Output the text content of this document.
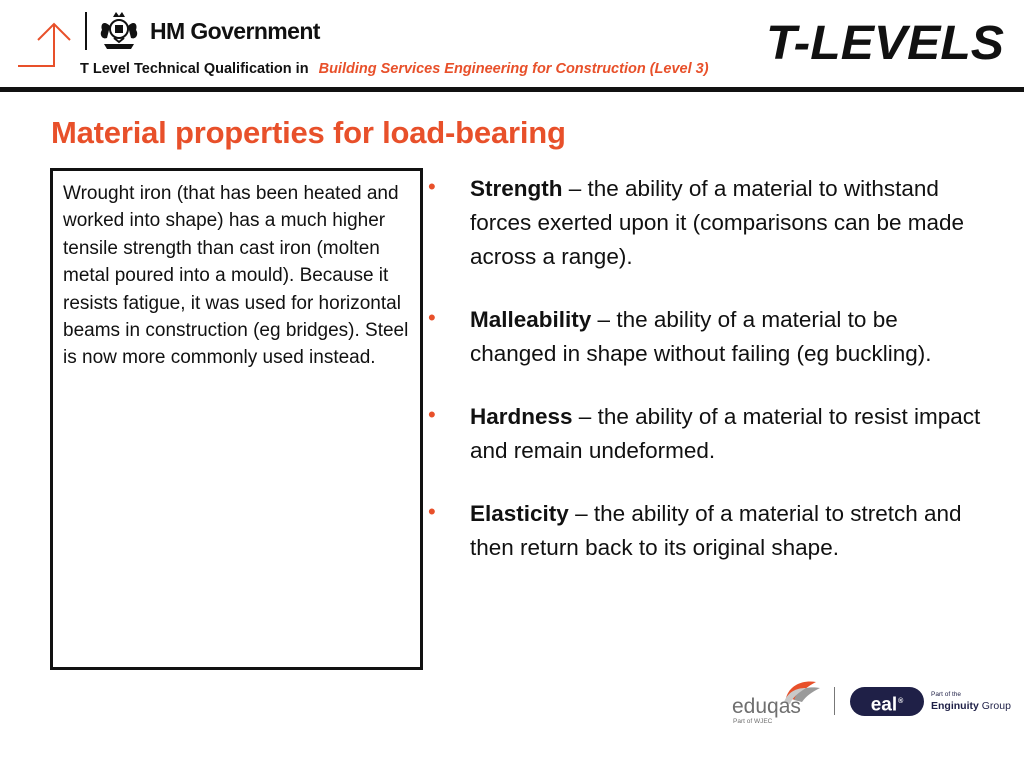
HM Government
T Level Technical Qualification in Building Services Engineering for Construction (Level 3) T-LEVELS
Material properties for load-bearing

Wrought iron (that has been heated and worked into shape) has a much higher tensile strength than cast iron (molten metal poured into a mould). Because it resists fatigue, it was used for horizontal beams in construction (eg bridges). Steel is now more commonly used instead.

• Strength – the ability of a material to withstand forces exerted upon it (comparisons can be made across a range).
• Malleability – the ability of a material to be changed in shape without failing (eg buckling).
• Hardness – the ability of a material to resist impact and remain undeformed.
• Elasticity – the ability of a material to stretch and then return back to its original shape.
eduqas
Part of WJEC
eal®
Part of the
Enginuity Group
